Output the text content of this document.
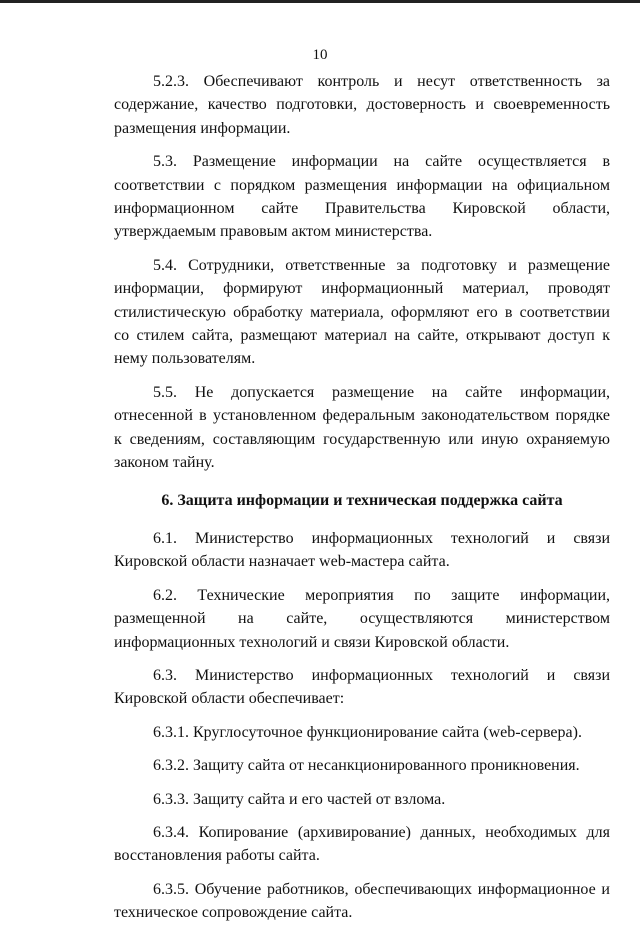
10

5.2.3. Обеспечивают контроль и несут ответственность за содержание, качество подготовки, достоверность и своевременность размещения информации.

5.3. Размещение информации на сайте осуществляется в соответствии с порядком размещения информации на официальном информационном сайте Правительства Кировской области, утверждаемым правовым актом министерства.

5.4. Сотрудники, ответственные за подготовку и размещение информации, формируют информационный материал, проводят стилистическую обработку материала, оформляют его в соответствии со стилем сайта, размещают материал на сайте, открывают доступ к нему пользователям.

5.5. Не допускается размещение на сайте информации, отнесенной в установленном федеральным законодательством порядке к сведениям, составляющим государственную или иную охраняемую законом тайну.

6. Защита информации и техническая поддержка сайта

6.1. Министерство информационных технологий и связи Кировской области назначает web-мастера сайта.

6.2. Технические мероприятия по защите информации, размещенной на сайте, осуществляются министерством информационных технологий и связи Кировской области.

6.3. Министерство информационных технологий и связи Кировской области обеспечивает:

6.3.1. Круглосуточное функционирование сайта (web-сервера).

6.3.2. Защиту сайта от несанкционированного проникновения.

6.3.3. Защиту сайта и его частей от взлома.

6.3.4. Копирование (архивирование) данных, необходимых для восстановления работы сайта.

6.3.5. Обучение работников, обеспечивающих информационное и техническое сопровождение сайта.
